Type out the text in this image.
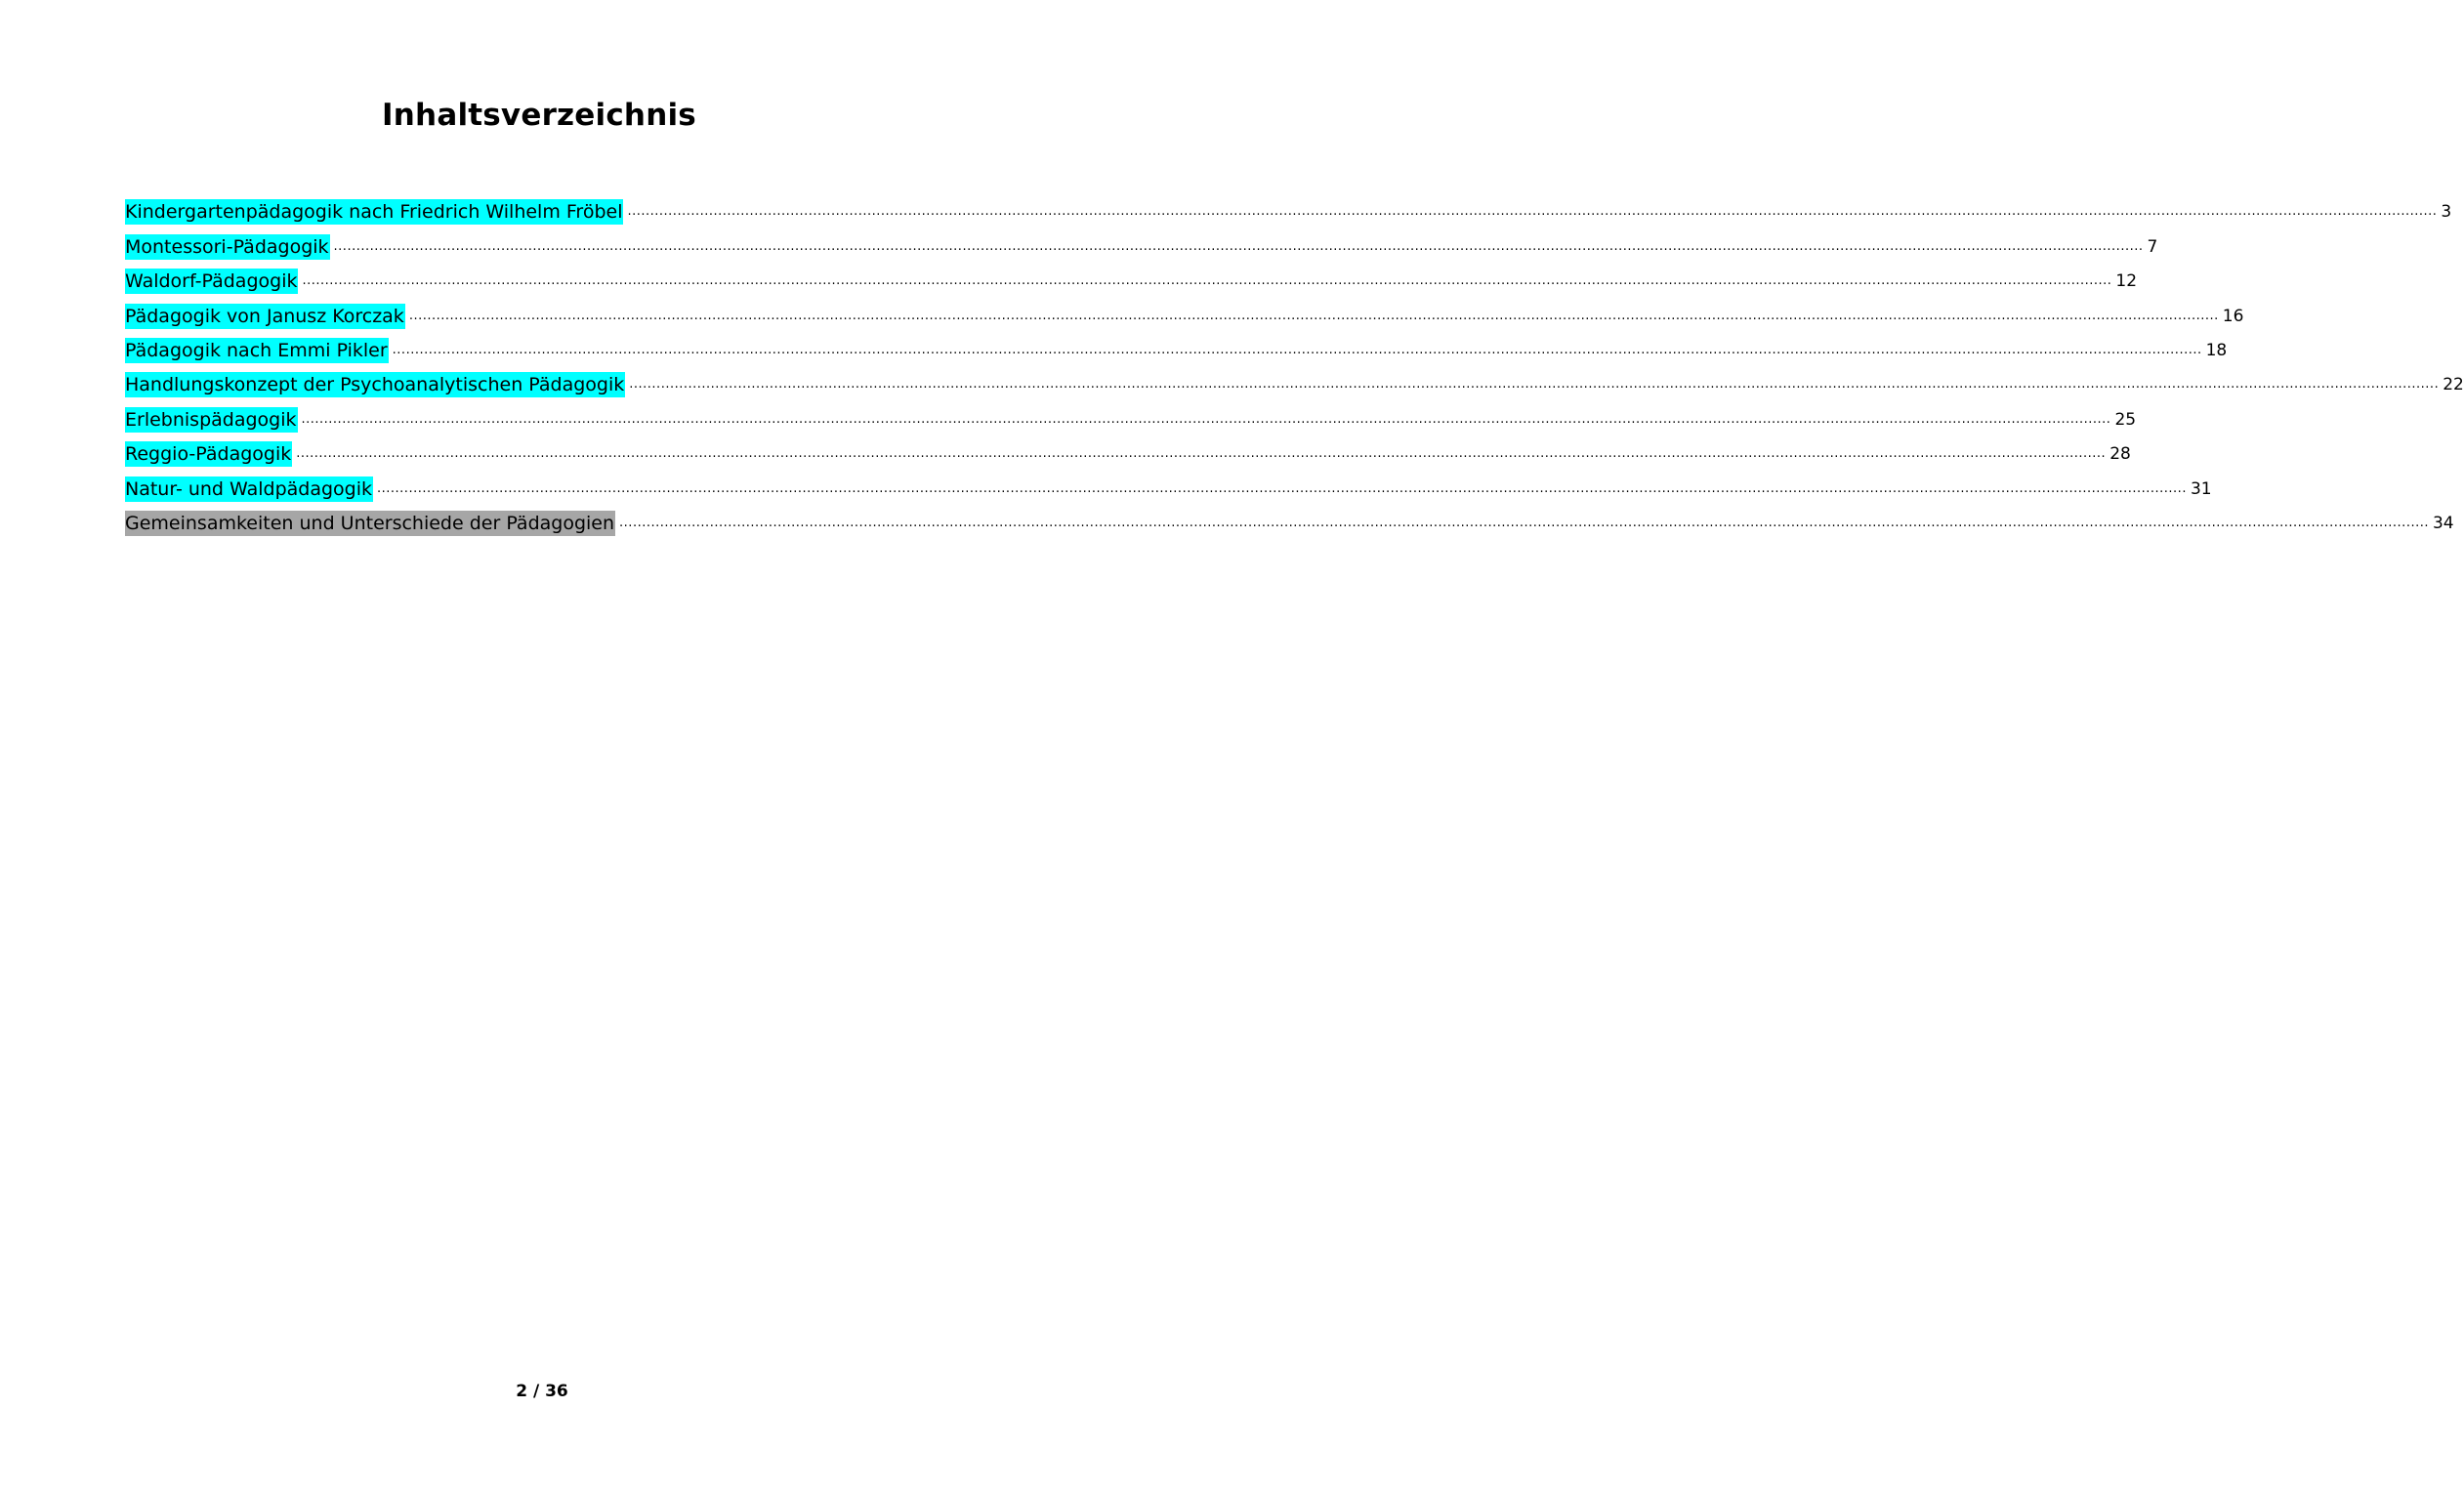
Inhaltsverzeichnis
Kindergartenpädagogik nach Friedrich Wilhelm Fröbel ................................................................................................................................................................................................................................................................................................................................................................................................................ 3
Montessori-Pädagogik ................................................................................................................................................................................................................................................................................................................................................................................................................ 7
Waldorf-Pädagogik ................................................................................................................................................................................................................................................................................................................................................................................................................ 12
Pädagogik von Janusz Korczak ................................................................................................................................................................................................................................................................................................................................................................................................................ 16
Pädagogik nach Emmi Pikler ................................................................................................................................................................................................................................................................................................................................................................................................................ 18
Handlungskonzept der Psychoanalytischen Pädagogik ................................................................................................................................................................................................................................................................................................................................................................................................................ 22
Erlebnispädagogik ................................................................................................................................................................................................................................................................................................................................................................................................................ 25
Reggio-Pädagogik ................................................................................................................................................................................................................................................................................................................................................................................................................ 28
Natur- und Waldpädagogik ................................................................................................................................................................................................................................................................................................................................................................................................................ 31
Gemeinsamkeiten und Unterschiede der Pädagogien ................................................................................................................................................................................................................................................................................................................................................................................................................ 34
2 / 36
